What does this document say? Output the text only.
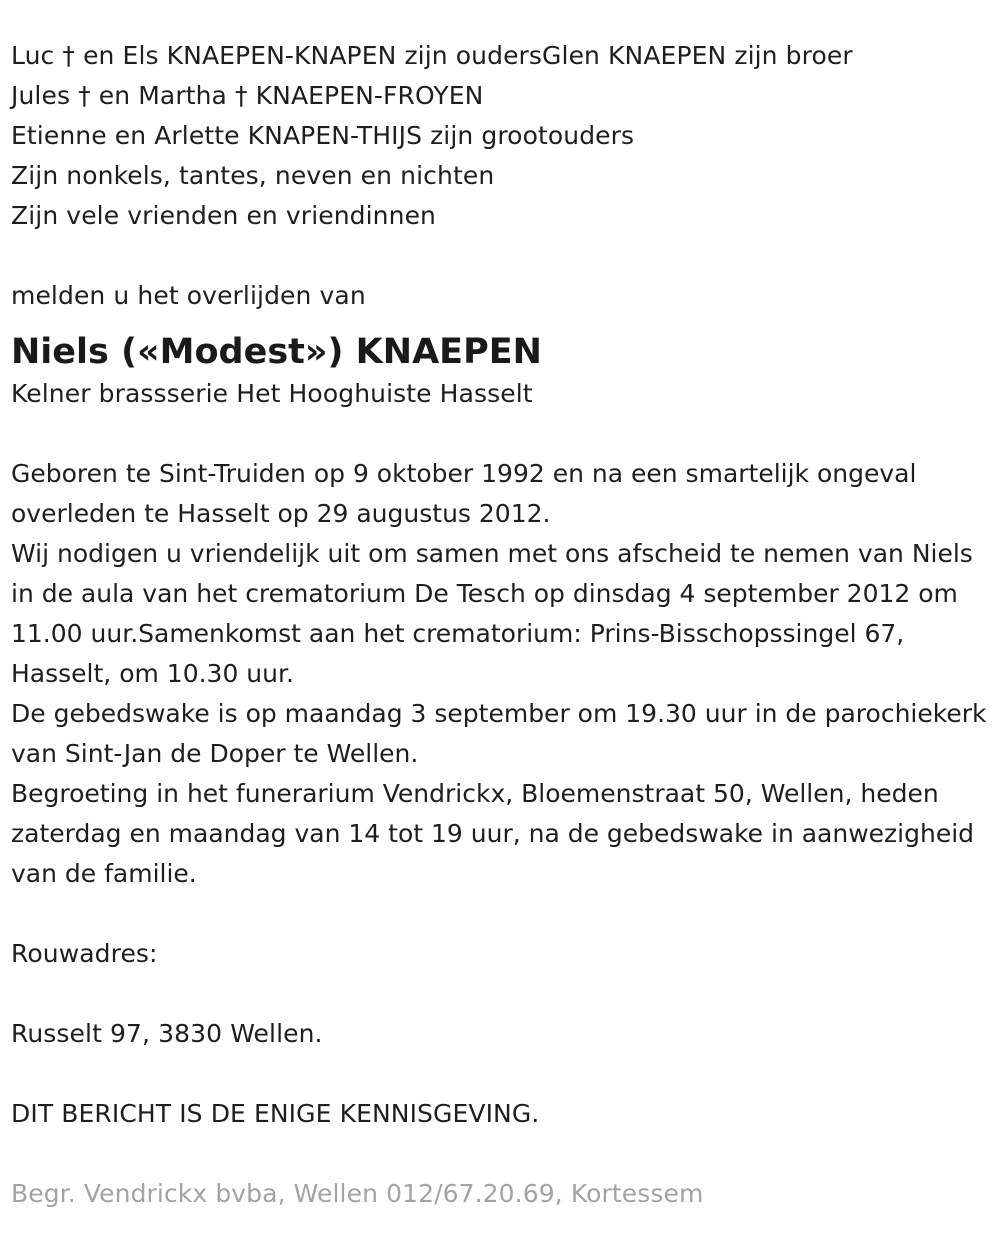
Luc † en Els KNAEPEN-KNAPEN zijn oudersGlen KNAEPEN zijn broer
Jules † en Martha † KNAEPEN-FROYEN
Etienne en Arlette KNAPEN-THIJS zijn grootouders
Zijn nonkels, tantes, neven en nichten
Zijn vele vrienden en vriendinnen
melden u het overlijden van
Niels («Modest») KNAEPEN
Kelner brassserie Het Hooghuiste Hasselt
Geboren te Sint-Truiden op 9 oktober 1992 en na een smartelijk ongeval overleden te Hasselt op 29 augustus 2012.
Wij nodigen u vriendelijk uit om samen met ons afscheid te nemen van Niels in de aula van het crematorium De Tesch op dinsdag 4 september 2012 om 11.00 uur.Samenkomst aan het crematorium: Prins-Bisschopssingel 67, Hasselt, om 10.30 uur.
De gebedswake is op maandag 3 september om 19.30 uur in de parochiekerk van Sint-Jan de Doper te Wellen.
Begroeting in het funerarium Vendrickx, Bloemenstraat 50, Wellen, heden zaterdag en maandag van 14 tot 19 uur, na de gebedswake in aanwezigheid van de familie.
Rouwadres:
Russelt 97, 3830 Wellen.
DIT BERICHT IS DE ENIGE KENNISGEVING.
Begr. Vendrickx bvba, Wellen 012/67.20.69, Kortessem
